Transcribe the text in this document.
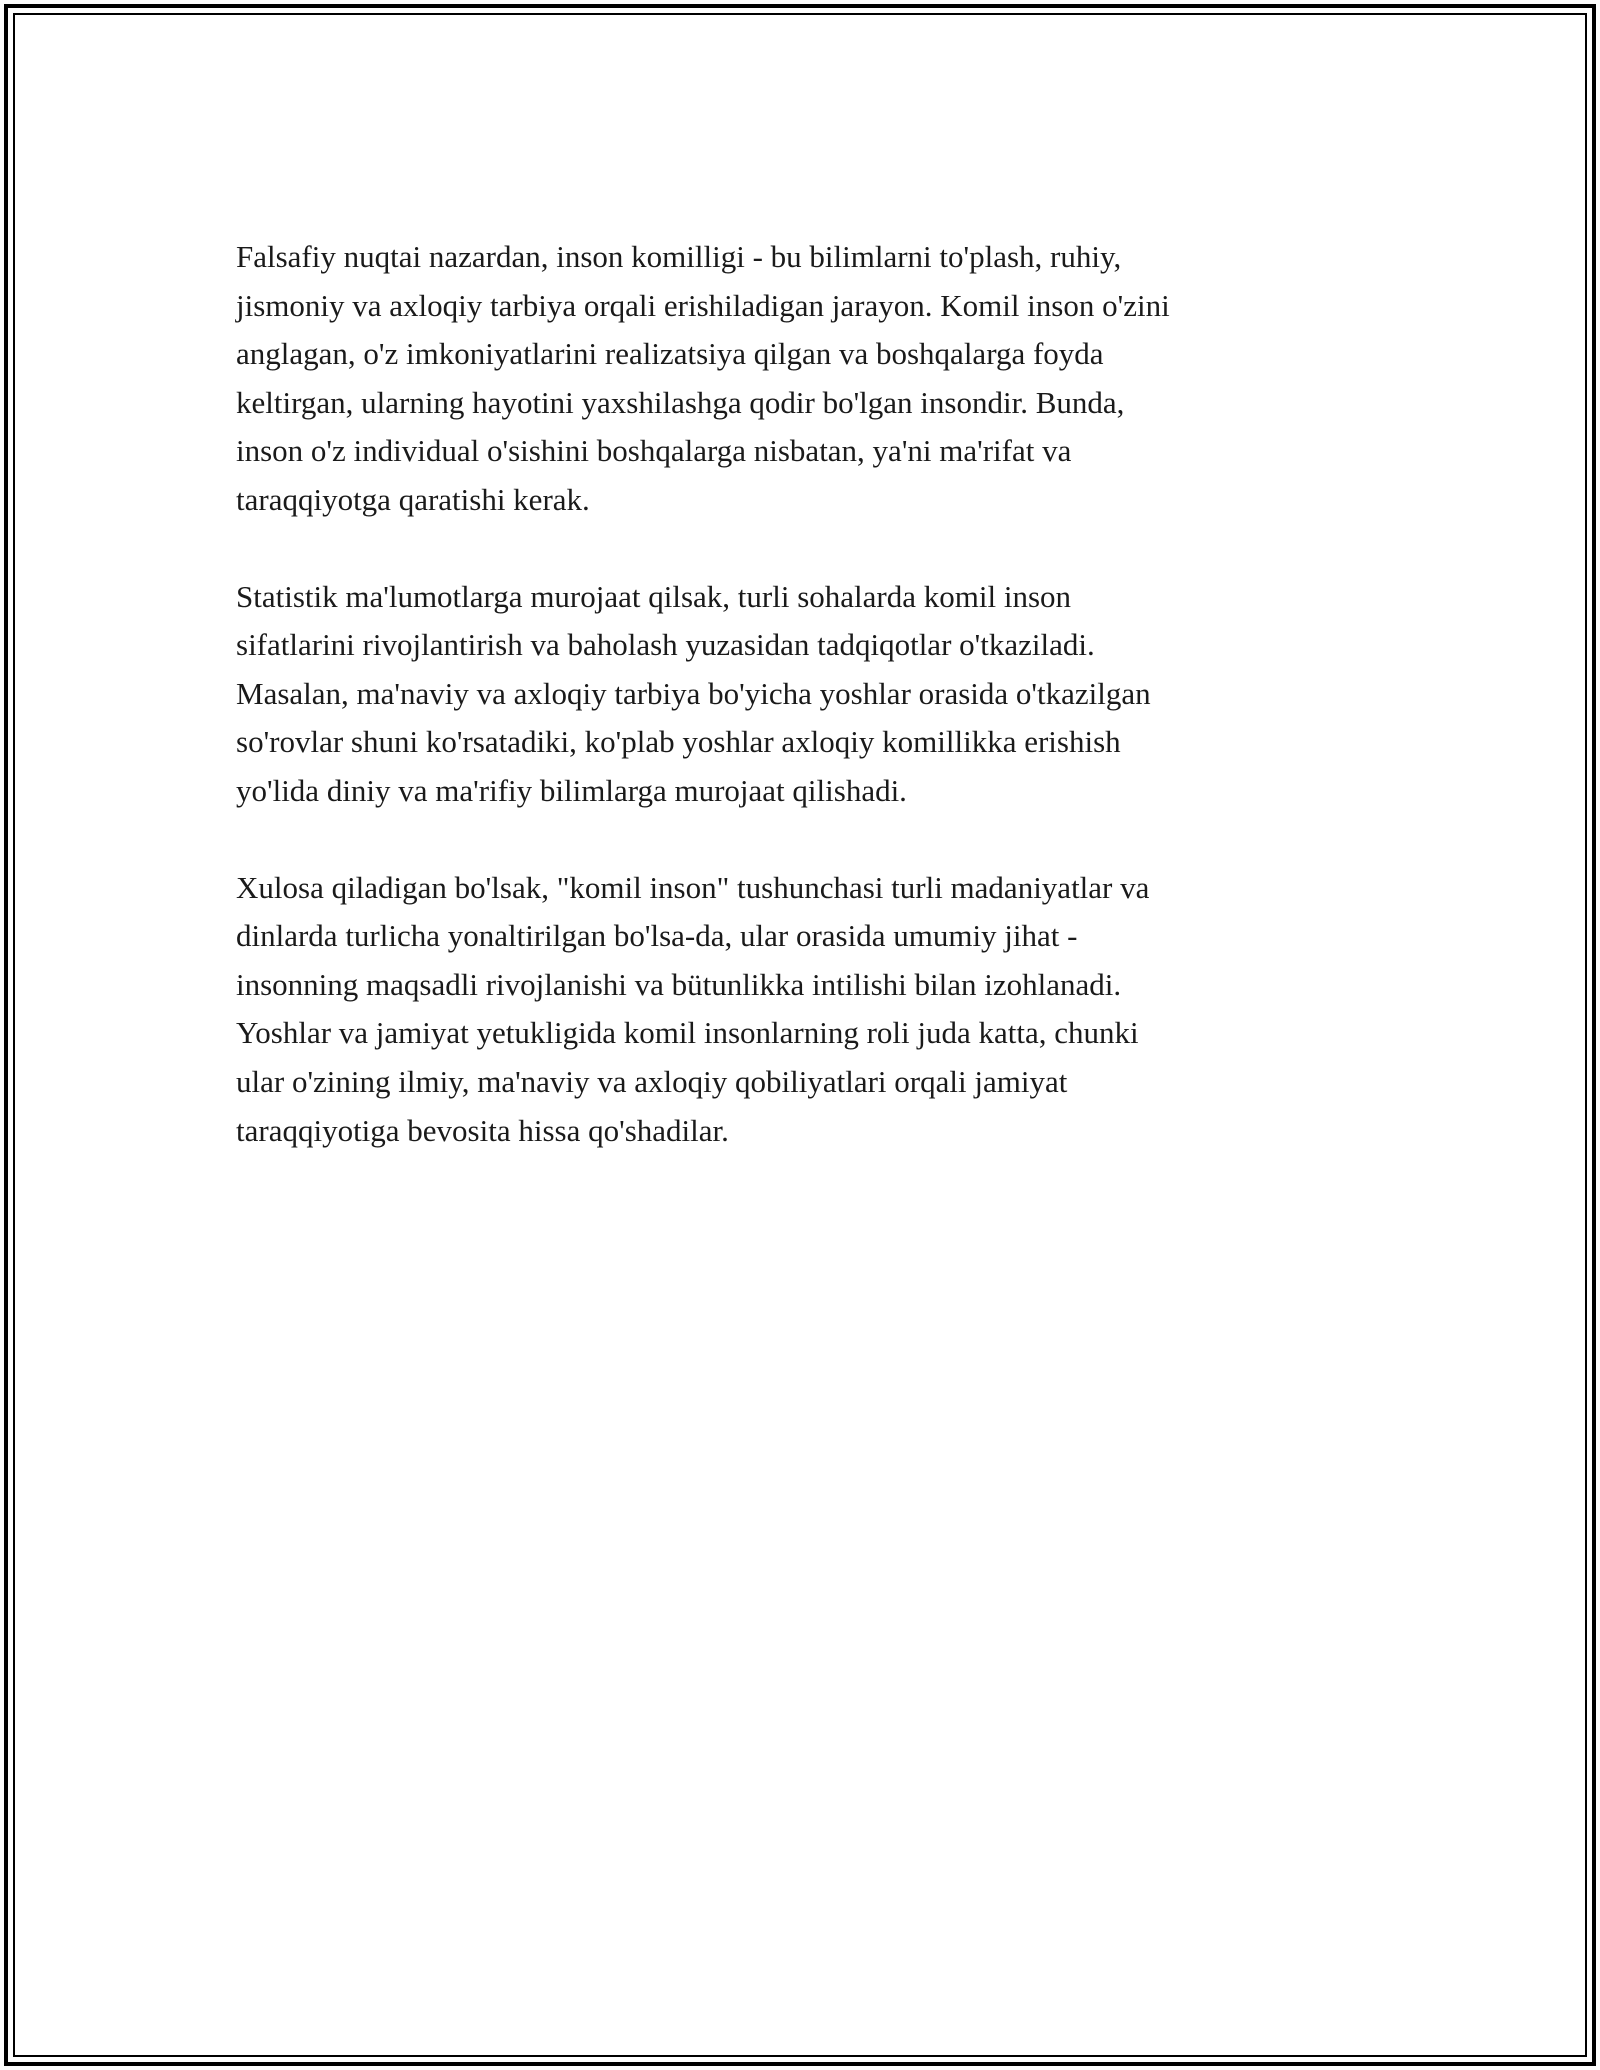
Falsafiy nuqtai nazardan, inson komilligi - bu bilimlarni to'plash, ruhiy,
jismoniy va axloqiy tarbiya orqali erishiladigan jarayon. Komil inson o'zini
anglagan, o'z imkoniyatlarini realizatsiya qilgan va boshqalarga foyda
keltirgan, ularning hayotini yaxshilashga qodir bo'lgan insondir. Bunda,
inson o'z individual o'sishini boshqalarga nisbatan, ya'ni ma'rifat va
taraqqiyotga qaratishi kerak.

Statistik ma'lumotlarga murojaat qilsak, turli sohalarda komil inson
sifatlarini rivojlantirish va baholash yuzasidan tadqiqotlar o'tkaziladi.
Masalan, ma'naviy va axloqiy tarbiya bo'yicha yoshlar orasida o'tkazilgan
so'rovlar shuni ko'rsatadiki, ko'plab yoshlar axloqiy komillikka erishish
yo'lida diniy va ma'rifiy bilimlarga murojaat qilishadi.

Xulosa qiladigan bo'lsak, "komil inson" tushunchasi turli madaniyatlar va
dinlarda turlicha yonaltirilgan bo'lsa-da, ular orasida umumiy jihat -
insonning maqsadli rivojlanishi va bütunlikka intilishi bilan izohlanadi.
Yoshlar va jamiyat yetukligida komil insonlarning roli juda katta, chunki
ular o'zining ilmiy, ma'naviy va axloqiy qobiliyatlari orqali jamiyat
taraqqiyotiga bevosita hissa qo'shadilar.
